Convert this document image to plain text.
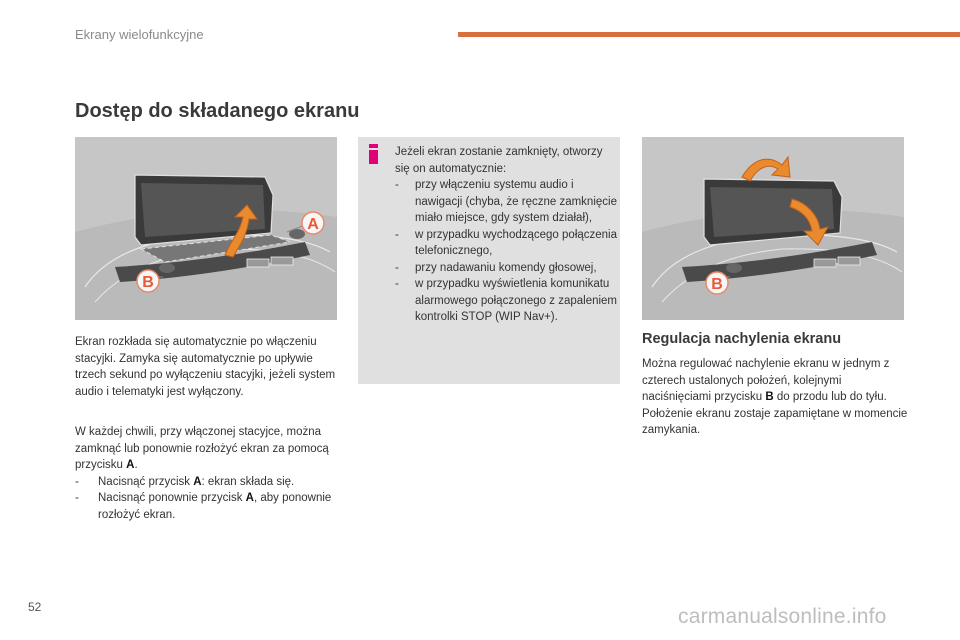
Ekrany wielofunkcyjne
Dostęp do składanego ekranu
A
B	B

Ekran rozkłada się automatycznie po włączeniu stacyjki. Zamyka się automatycznie po upływie trzech sekund po wyłączeniu stacyjki, jeżeli system audio i telematyki jest wyłączony.

W każdej chwili, przy włączonej stacyjce, można zamknąć lub ponownie rozłożyć ekran za pomocą przycisku A.
-	Nacisnąć przycisk A: ekran składa się.
-	Nacisnąć ponownie przycisk A, aby ponownie rozłożyć ekran.
Jeżeli ekran zostanie zamknięty, otworzy się on automatycznie:
-	przy włączeniu systemu audio i nawigacji (chyba, że ręczne zamknięcie miało miejsce, gdy system działał),
-	w przypadku wychodzącego połączenia telefonicznego,
-	przy nadawaniu komendy głosowej,
-	w przypadku wyświetlenia komunikatu alarmowego połączonego z zapaleniem kontrolki STOP (WIP Nav+).
Regulacja nachylenia ekranu

Można regulować nachylenie ekranu w jednym z czterech ustalonych położeń, kolejnymi naciśnięciami przycisku B do przodu lub do tyłu. Położenie ekranu zostaje zapamiętane w momencie zamykania.

52	carmanualsonline.info
